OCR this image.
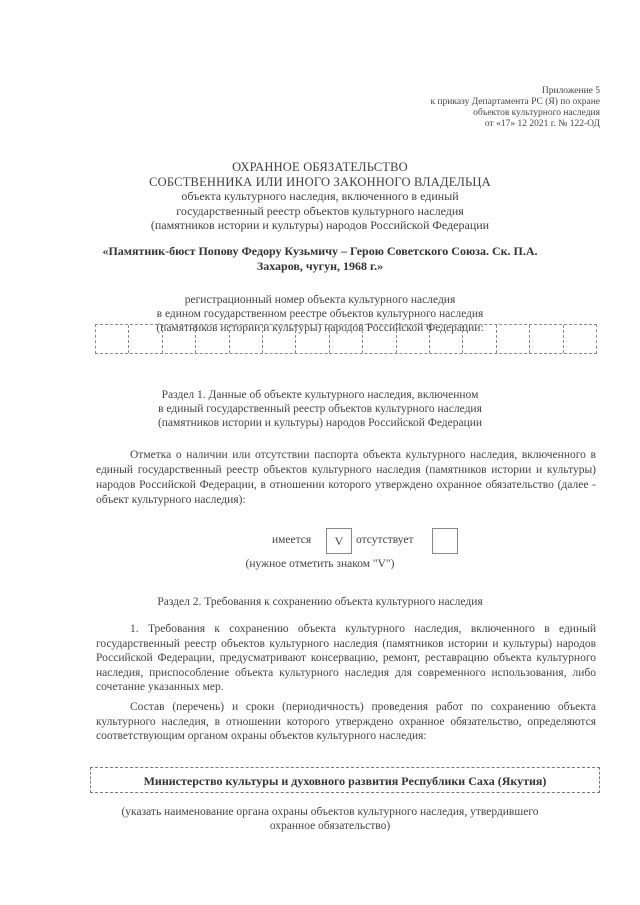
Приложение 5
к приказу Департамента РС (Я) по охране
объектов культурного наследия
от «17» 12 2021 г. № 122-ОД
ОХРАННОЕ ОБЯЗАТЕЛЬСТВО
СОБСТВЕННИКА ИЛИ ИНОГО ЗАКОННОГО ВЛАДЕЛЬЦА
объекта культурного наследия, включенного в единый
государственный реестр объектов культурного наследия
(памятников истории и культуры) народов Российской Федерации
«Памятник-бюст Попову Федору Кузьмичу – Герою Советского Союза. Ск. П.А.
Захаров, чугун, 1968 г.»
регистрационный номер объекта культурного наследия
в едином государственном реестре объектов культурного наследия
(памятников истории и культуры) народов Российской Федерации:
Раздел 1. Данные об объекте культурного наследия, включенном
в единый государственный реестр объектов культурного наследия
(памятников истории и культуры) народов Российской Федерации
Отметка о наличии или отсутствии паспорта объекта культурного наследия, включенного в единый государственный реестр объектов культурного наследия (памятников истории и культуры) народов Российской Федерации, в отношении которого утверждено охранное обязательство (далее - объект культурного наследия):
имеется	V	отсутствует
(нужное отметить знаком "V")
Раздел 2. Требования к сохранению объекта культурного наследия
1. Требования к сохранению объекта культурного наследия, включенного в единый государственный реестр объектов культурного наследия (памятников истории и культуры) народов Российской Федерации, предусматривают консервацию, ремонт, реставрацию объекта культурного наследия, приспособление объекта культурного наследия для современного использования, либо сочетание указанных мер.
Состав (перечень) и сроки (периодичность) проведения работ по сохранению объекта культурного наследия, в отношении которого утверждено охранное обязательство, определяются соответствующим органом охраны объектов культурного наследия:
Министерство культуры и духовного развития Республики Саха (Якутия)
(указать наименование органа охраны объектов культурного наследия, утвердившего
охранное обязательство)
